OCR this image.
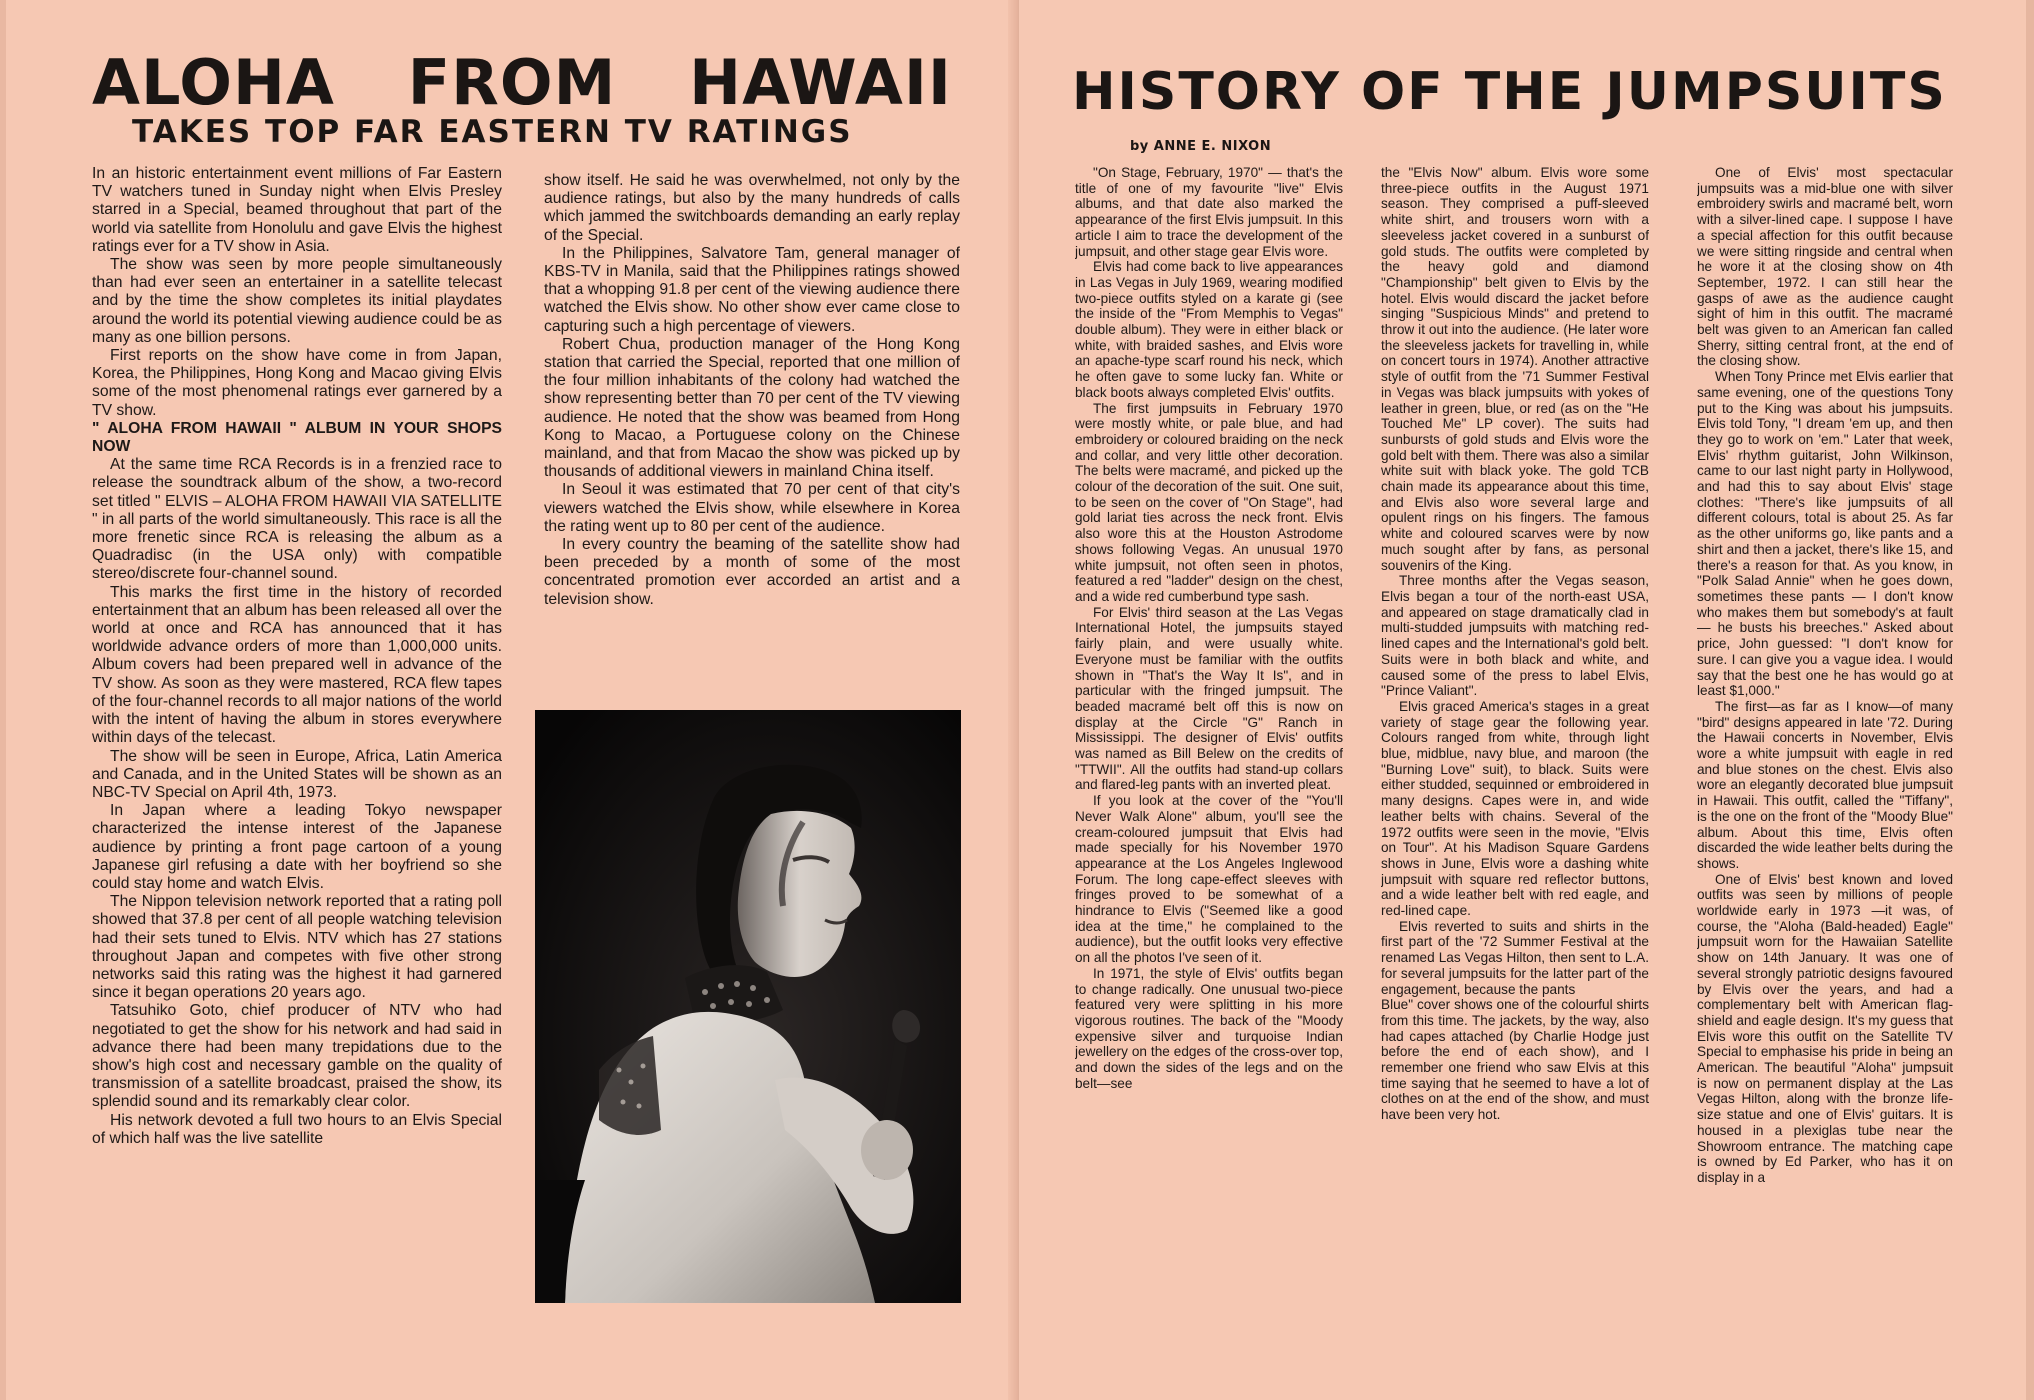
ALOHA FROM HAWAII
TAKES TOP FAR EASTERN TV RATINGS

In an historic entertainment event millions of Far Eastern TV watchers tuned in Sunday night when Elvis Presley starred in a Special, beamed throughout that part of the world via satellite from Honolulu and gave Elvis the highest ratings ever for a TV show in Asia.

The show was seen by more people simultaneously than had ever seen an entertainer in a satellite telecast and by the time the show completes its initial playdates around the world its potential viewing audience could be as many as one billion persons.

First reports on the show have come in from Japan, Korea, the Philippines, Hong Kong and Macao giving Elvis some of the most phenomenal ratings ever garnered by a TV show.

" ALOHA FROM HAWAII " ALBUM IN YOUR SHOPS NOW

At the same time RCA Records is in a frenzied race to release the soundtrack album of the show, a two-record set titled " ELVIS – ALOHA FROM HAWAII VIA SATELLITE " in all parts of the world simultaneously. This race is all the more frenetic since RCA is releasing the album as a Quadradisc (in the USA only) with compatible stereo/discrete four-channel sound.

This marks the first time in the history of recorded entertainment that an album has been released all over the world at once and RCA has announced that it has worldwide advance orders of more than 1,000,000 units. Album covers had been prepared well in advance of the TV show. As soon as they were mastered, RCA flew tapes of the four-channel records to all major nations of the world with the intent of having the album in stores everywhere within days of the telecast.

The show will be seen in Europe, Africa, Latin America and Canada, and in the United States will be shown as an NBC-TV Special on April 4th, 1973.

In Japan where a leading Tokyo newspaper characterized the intense interest of the Japanese audience by printing a front page cartoon of a young Japanese girl refusing a date with her boyfriend so she could stay home and watch Elvis.

The Nippon television network reported that a rating poll showed that 37.8 per cent of all people watching television had their sets tuned to Elvis. NTV which has 27 stations throughout Japan and competes with five other strong networks said this rating was the highest it had garnered since it began operations 20 years ago.

Tatsuhiko Goto, chief producer of NTV who had negotiated to get the show for his network and had said in advance there had been many trepidations due to the show's high cost and necessary gamble on the quality of transmission of a satellite broadcast, praised the show, its splendid sound and its remarkably clear color.

His network devoted a full two hours to an Elvis Special of which half was the live satellite

show itself. He said he was overwhelmed, not only by the audience ratings, but also by the many hundreds of calls which jammed the switchboards demanding an early replay of the Special.

In the Philippines, Salvatore Tam, general manager of KBS-TV in Manila, said that the Philippines ratings showed that a whopping 91.8 per cent of the viewing audience there watched the Elvis show. No other show ever came close to capturing such a high percentage of viewers.

Robert Chua, production manager of the Hong Kong station that carried the Special, reported that one million of the four million inhabitants of the colony had watched the show representing better than 70 per cent of the TV viewing audience. He noted that the show was beamed from Hong Kong to Macao, a Portuguese colony on the Chinese mainland, and that from Macao the show was picked up by thousands of additional viewers in mainland China itself.

In Seoul it was estimated that 70 per cent of that city's viewers watched the Elvis show, while elsewhere in Korea the rating went up to 80 per cent of the audience.

In every country the beaming of the satellite show had been preceded by a month of some of the most concentrated promotion ever accorded an artist and a television show.

HISTORY OF THE JUMPSUITS

by ANNE E. NIXON

"On Stage, February, 1970" — that's the title of one of my favourite "live" Elvis albums, and that date also marked the appearance of the first Elvis jumpsuit. In this article I aim to trace the development of the jumpsuit, and other stage gear Elvis wore.

Elvis had come back to live appearances in Las Vegas in July 1969, wearing modified two-piece outfits styled on a karate gi (see the inside of the "From Memphis to Vegas" double album). They were in either black or white, with braided sashes, and Elvis wore an apache-type scarf round his neck, which he often gave to some lucky fan. White or black boots always completed Elvis' outfits.

The first jumpsuits in February 1970 were mostly white, or pale blue, and had embroidery or coloured braiding on the neck and collar, and very little other decoration. The belts were macramé, and picked up the colour of the decoration of the suit. One suit, to be seen on the cover of "On Stage", had gold lariat ties across the neck front. Elvis also wore this at the Houston Astrodome shows following Vegas. An unusual 1970 white jumpsuit, not often seen in photos, featured a red "ladder" design on the chest, and a wide red cumberbund type sash.

For Elvis' third season at the Las Vegas International Hotel, the jumpsuits stayed fairly plain, and were usually white. Everyone must be familiar with the outfits shown in "That's the Way It Is", and in particular with the fringed jumpsuit. The beaded macramé belt off this is now on display at the Circle "G" Ranch in Mississippi. The designer of Elvis' outfits was named as Bill Belew on the credits of "TTWII". All the outfits had stand-up collars and flared-leg pants with an inverted pleat.

If you look at the cover of the "You'll Never Walk Alone" album, you'll see the cream-coloured jumpsuit that Elvis had made specially for his November 1970 appearance at the Los Angeles Inglewood Forum. The long cape-effect sleeves with fringes proved to be somewhat of a hindrance to Elvis ("Seemed like a good idea at the time," he complained to the audience), but the outfit looks very effective on all the photos I've seen of it.

In 1971, the style of Elvis' outfits began to change radically. One unusual two-piece featured very were splitting in his more vigorous routines. The back of the "Moody expensive silver and turquoise Indian jewellery on the edges of the cross-over top, and down the sides of the legs and on the belt—see

the "Elvis Now" album. Elvis wore some three-piece outfits in the August 1971 season. They comprised a puff-sleeved white shirt, and trousers worn with a sleeveless jacket covered in a sunburst of gold studs. The outfits were completed by the heavy gold and diamond "Championship" belt given to Elvis by the hotel. Elvis would discard the jacket before singing "Suspicious Minds" and pretend to throw it out into the audience. (He later wore the sleeveless jackets for travelling in, while on concert tours in 1974). Another attractive style of outfit from the '71 Summer Festival in Vegas was black jumpsuits with yokes of leather in green, blue, or red (as on the "He Touched Me" LP cover). The suits had sunbursts of gold studs and Elvis wore the gold belt with them. There was also a similar white suit with black yoke. The gold TCB chain made its appearance about this time, and Elvis also wore several large and opulent rings on his fingers. The famous white and coloured scarves were by now much sought after by fans, as personal souvenirs of the King.

Three months after the Vegas season, Elvis began a tour of the north-east USA, and appeared on stage dramatically clad in multi-studded jumpsuits with matching red-lined capes and the International's gold belt. Suits were in both black and white, and caused some of the press to label Elvis, "Prince Valiant".

Elvis graced America's stages in a great variety of stage gear the following year. Colours ranged from white, through light blue, midblue, navy blue, and maroon (the "Burning Love" suit), to black. Suits were either studded, sequinned or embroidered in many designs. Capes were in, and wide leather belts with chains. Several of the 1972 outfits were seen in the movie, "Elvis on Tour". At his Madison Square Gardens shows in June, Elvis wore a dashing white jumpsuit with square red reflector buttons, and a wide leather belt with red eagle, and red-lined cape.

Elvis reverted to suits and shirts in the first part of the '72 Summer Festival at the renamed Las Vegas Hilton, then sent to L.A. for several jumpsuits for the latter part of the engagement, because the pants

Blue" cover shows one of the colourful shirts from this time. The jackets, by the way, also had capes attached (by Charlie Hodge just before the end of each show), and I remember one friend who saw Elvis at this time saying that he seemed to have a lot of clothes on at the end of the show, and must have been very hot.

One of Elvis' most spectacular jumpsuits was a mid-blue one with silver embroidery swirls and macramé belt, worn with a silver-lined cape. I suppose I have a special affection for this outfit because we were sitting ringside and central when he wore it at the closing show on 4th September, 1972. I can still hear the gasps of awe as the audience caught sight of him in this outfit. The macramé belt was given to an American fan called Sherry, sitting central front, at the end of the closing show.

When Tony Prince met Elvis earlier that same evening, one of the questions Tony put to the King was about his jumpsuits. Elvis told Tony, "I dream 'em up, and then they go to work on 'em." Later that week, Elvis' rhythm guitarist, John Wilkinson, came to our last night party in Hollywood, and had this to say about Elvis' stage clothes: "There's like jumpsuits of all different colours, total is about 25. As far as the other uniforms go, like pants and a shirt and then a jacket, there's like 15, and there's a reason for that. As you know, in "Polk Salad Annie" when he goes down, sometimes these pants — I don't know who makes them but somebody's at fault — he busts his breeches." Asked about price, John guessed: "I don't know for sure. I can give you a vague idea. I would say that the best one he has would go at least $1,000."

The first—as far as I know—of many "bird" designs appeared in late '72. During the Hawaii concerts in November, Elvis wore a white jumpsuit with eagle in red and blue stones on the chest. Elvis also wore an elegantly decorated blue jumpsuit in Hawaii. This outfit, called the "Tiffany", is the one on the front of the "Moody Blue" album. About this time, Elvis often discarded the wide leather belts during the shows.

One of Elvis' best known and loved outfits was seen by millions of people worldwide early in 1973 —it was, of course, the "Aloha (Bald-headed) Eagle" jumpsuit worn for the Hawaiian Satellite show on 14th January. It was one of several strongly patriotic designs favoured by Elvis over the years, and had a complementary belt with American flag-shield and eagle design. It's my guess that Elvis wore this outfit on the Satellite TV Special to emphasise his pride in being an American. The beautiful "Aloha" jumpsuit is now on permanent display at the Las Vegas Hilton, along with the bronze life-size statue and one of Elvis' guitars. It is housed in a plexiglas tube near the Showroom entrance. The matching cape is owned by Ed Parker, who has it on display in a
